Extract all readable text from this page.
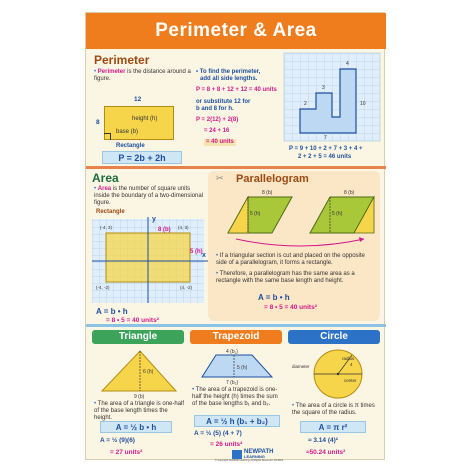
Perimeter & Area
Perimeter
• Perimeter is the distance around a figure.
12
8	height (h)
base (b)
Rectangle
P = 2b + 2h
• To find the perimeter,
add all side lengths.
P = 8 + 8 + 12 + 12 = 40 units
or substitute 12 for
b and 8 for h.
P = 2(12) + 2(8)
= 24 + 16
= 40 units
10
4
3
2
7
P = 9 + 10 + 2 + 7 + 3 + 4 +
2 + 2 + 5 = 46 units
Area
• Area is the number of square units inside the boundary of a two-dimensional figure.
Rectangle
y
x
(-4, 3)	(4, 3)
(-4, -2)	(4, -2)
8 (b)
5 (h)
A = b • h
= 8 • 5 = 40 units²
✂ Parallelogram
8 (b)
5 (h)
8 (b)
5 (h)
• If a triangular section is cut and placed on the opposite side of a parallelogram, it forms a rectangle.
• Therefore, a parallelogram has the same area as a rectangle with the same base length and height.
A = b • h
= 8 • 5 = 40 units²
Triangle
6 (h)
9 (b)
• The area of a triangle is one-half of the base length times the height.
A = ½ b • h
A = ½ (9)(6)
= 27 units²
Trapezoid
4 (b₁)
5 (h)
7 (b₂)
• The area of a trapezoid is one-half the height (h) times the sum of the base lengths b₁ and b₂.
A = ½ h (b₁ + b₂)
A = ½ (5) (4 + 7)
= 26 units²
NEWPATH
LEARNING
Circle
diameter
radius
4
center
• The area of a circle is π times the square of the radius.
A = π r²
≈ 3.14 (4)²
≈50.24 units²
© Copyright NewPath Learning. All Rights Reserved. 93-4601
